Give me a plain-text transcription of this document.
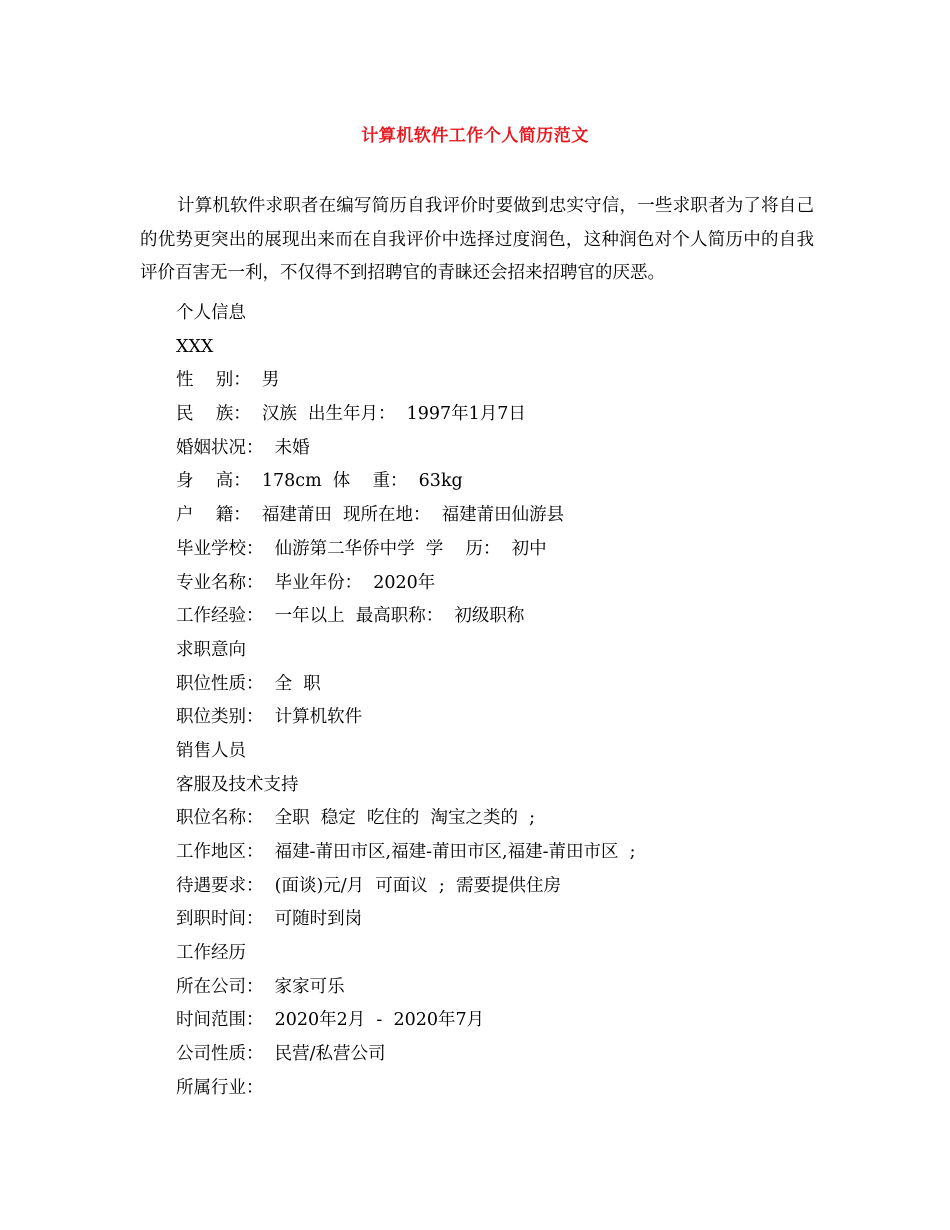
计算机软件工作个人简历范文

计算机软件求职者在编写简历自我评价时要做到忠实守信，一些求职者为了将自己的优势更突出的展现出来而在自我评价中选择过度润色，这种润色对个人简历中的自我评价百害无一利，不仅得不到招聘官的青睐还会招来招聘官的厌恶。

个人信息
XXX
性    别：  男
民    族：  汉族  出生年月：  1997年1月7日
婚姻状况：  未婚
身    高：  178cm  体    重：  63kg
户    籍：  福建莆田  现所在地：  福建莆田仙游县
毕业学校：  仙游第二华侨中学  学    历：  初中
专业名称：  毕业年份：  2020年
工作经验：  一年以上  最高职称：  初级职称
求职意向
职位性质：  全  职
职位类别：  计算机软件
销售人员
客服及技术支持
职位名称：  全职  稳定  吃住的  淘宝之类的  ;
工作地区：  福建-莆田市区,福建-莆田市区,福建-莆田市区  ;
待遇要求：  (面谈)元/月  可面议  ;  需要提供住房
到职时间：  可随时到岗
工作经历
所在公司：  家家可乐
时间范围：  2020年2月  -  2020年7月
公司性质：  民营/私营公司
所属行业：
